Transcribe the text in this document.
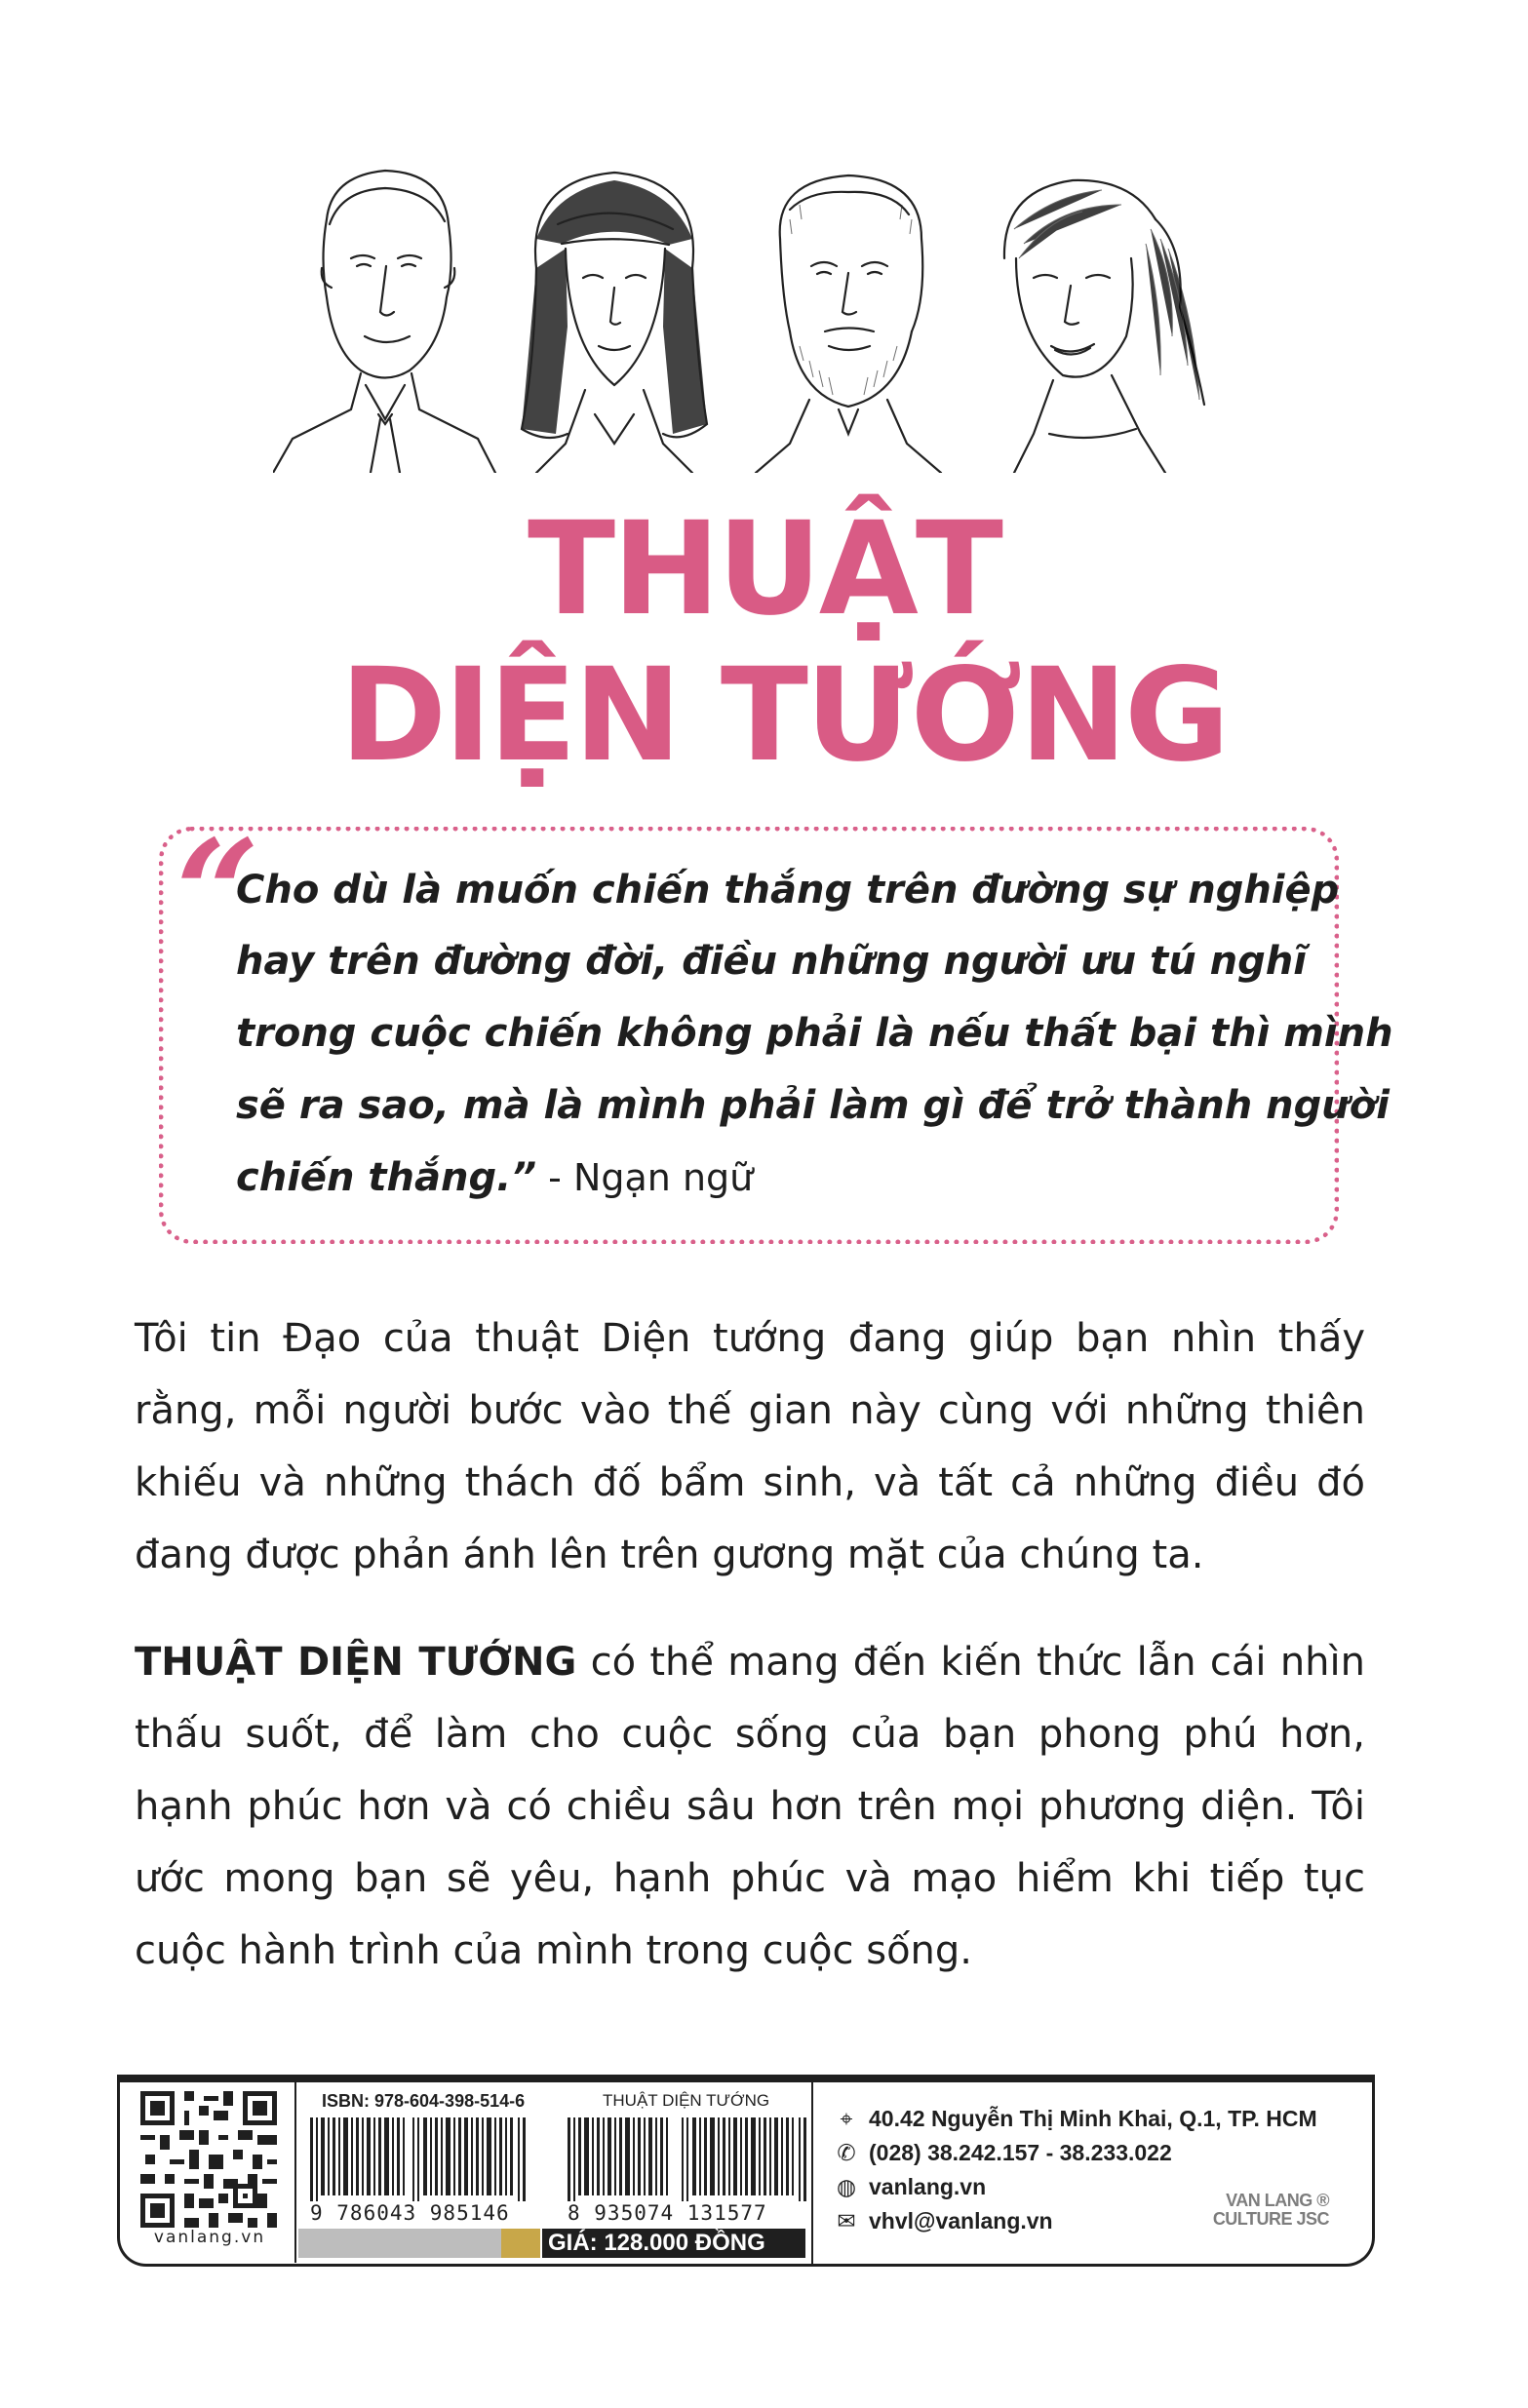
THUẬT
DIỆN TƯỚNG
“
Cho dù là muốn chiến thắng trên đường sự nghiệp
hay trên đường đời, điều những người ưu tú nghĩ
trong cuộc chiến không phải là nếu thất bại thì mình
sẽ ra sao, mà là mình phải làm gì để trở thành người
chiến thắng.” - Ngạn ngữ
Tôi tin Đạo của thuật Diện tướng đang giúp bạn nhìn thấy
rằng, mỗi người bước vào thế gian này cùng với những thiên
khiếu và những thách đố bẩm sinh, và tất cả những điều đó
đang được phản ánh lên trên gương mặt của chúng ta.
THUẬT DIỆN TƯỚNG có thể mang đến kiến thức lẫn cái nhìn
thấu suốt, để làm cho cuộc sống của bạn phong phú hơn,
hạnh phúc hơn và có chiều sâu hơn trên mọi phương diện. Tôi
ước mong bạn sẽ yêu, hạnh phúc và mạo hiểm khi tiếp tục
cuộc hành trình của mình trong cuộc sống.
vanlang.vn
ISBN: 978-604-398-514-6
9 786043 985146
THUẬT DIỆN TƯỚNG
8 935074 131577
GIÁ: 128.000 ĐỒNG
⌖ 40.42 Nguyễn Thị Minh Khai, Q.1, TP. HCM
✆ (028) 38.242.157 - 38.233.022
◍ vanlang.vn
✉ vhvl@vanlang.vn
VAN LANG ®
CULTURE JSC
